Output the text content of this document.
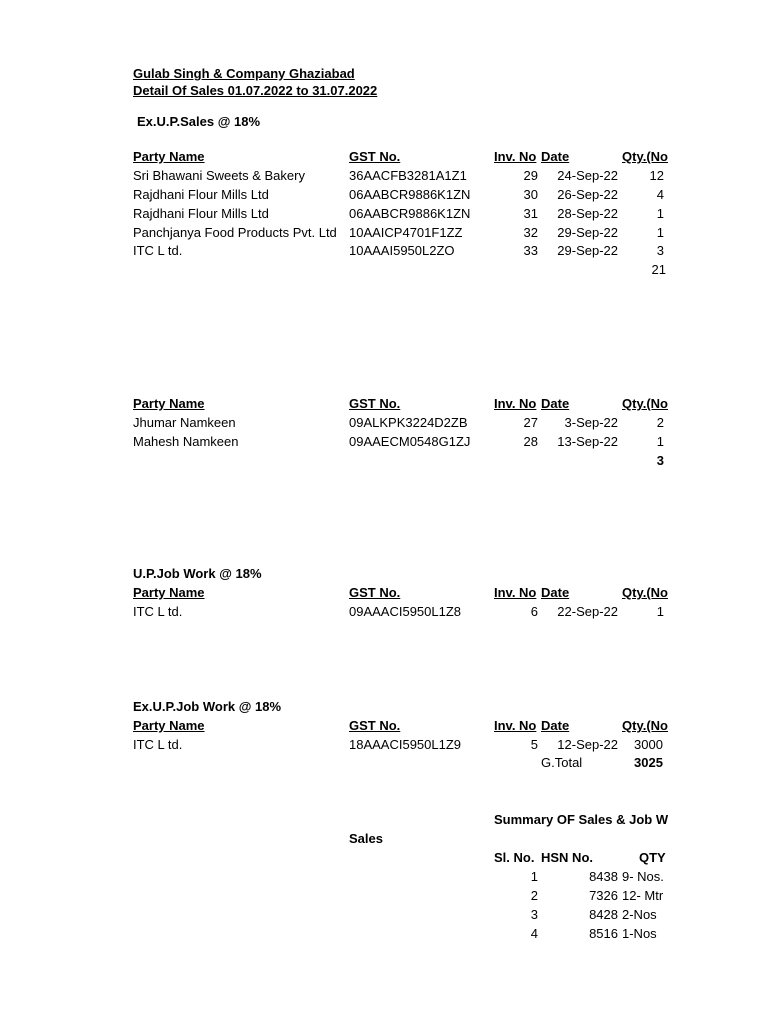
Gulab Singh & Company Ghaziabad
Detail Of Sales 01.07.2022 to 31.07.2022
Ex.U.P.Sales @ 18%
Party Name	GST No.	Inv. No Date	Qty.(No
Sri Bhawani Sweets & Bakery	36AACFB3281A1Z1	29	24-Sep-22	12
Rajdhani Flour Mills Ltd	06AABCR9886K1ZN	30	26-Sep-22	4
Rajdhani Flour Mills Ltd	06AABCR9886K1ZN	31	28-Sep-22	1
Panchjanya Food Products Pvt. Ltd 10AAICP4701F1ZZ	32	29-Sep-22	1
ITC L td.	10AAAI5950L2ZO	33	29-Sep-22	3
21
Party Name	GST No.	Inv. No Date	Qty.(No
Jhumar Namkeen	09ALKPK3224D2ZB	27	3-Sep-22	2
Mahesh Namkeen	09AAECM0548G1ZJ	28	13-Sep-22	1
3
U.P.Job Work @ 18%
Party Name	GST No.	Inv. No Date	Qty.(No
ITC L td.	09AAACI5950L1Z8	6	22-Sep-22	1
Ex.U.P.Job Work @ 18%
Party Name	GST No.	Inv. No Date	Qty.(No
ITC L td.	18AAACI5950L1Z9	5	12-Sep-22 3000
G.Total	3025
Summary OF Sales & Job W
Sales
Sl. No. HSN No.	QTY
1	8438 9- Nos.
2	7326 12- Mtr
3	8428 2-Nos
4	8516 1-Nos
